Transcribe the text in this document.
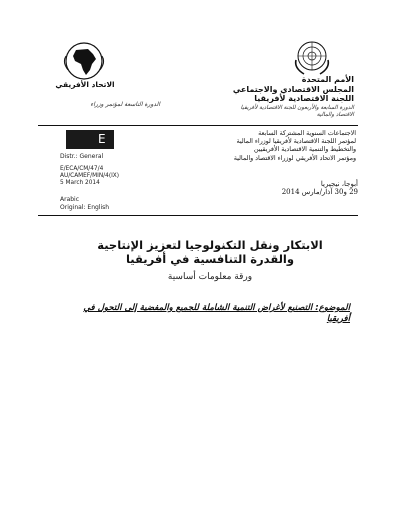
الاتحاد الأفريقي
الدورة التاسعة لمؤتمر وزراء
الأمم المتحدة
المجلس الاقتصادي والاجتماعي
اللجنة الاقتصادية لأفريقيا
الدورة السابعة والأربعون للجنة الاقتصادية لأفريقيا
الاقتصاد والمالية
الاجتماعات السنوية المشتركة السابعة
لمؤتمر اللجنة الاقتصادية لأفريقيا لوزراء المالية
والتخطيط والتنمية الاقتصادية الأفريقيين
ومؤتمر الاتحاد الأفريقي لوزراء الاقتصاد والمالية
E
Distr.: General
E/ECA/CM/47/4
AU/CAMEF/MIN/4(IX)
5 March 2014
Arabic
Original: English
أبوجا، نيجيريا
29 و30 آذار/مارس 2014
الابتكار ونقل التكنولوجيا لتعزيز الإنتاجية
والقدرة التنافسية في أفريقيا
ورقة معلومات أساسية
الموضوع: التصنيع لأغراض التنمية الشاملة للجميع والمفضية إلى التحول في
أفريقيا
